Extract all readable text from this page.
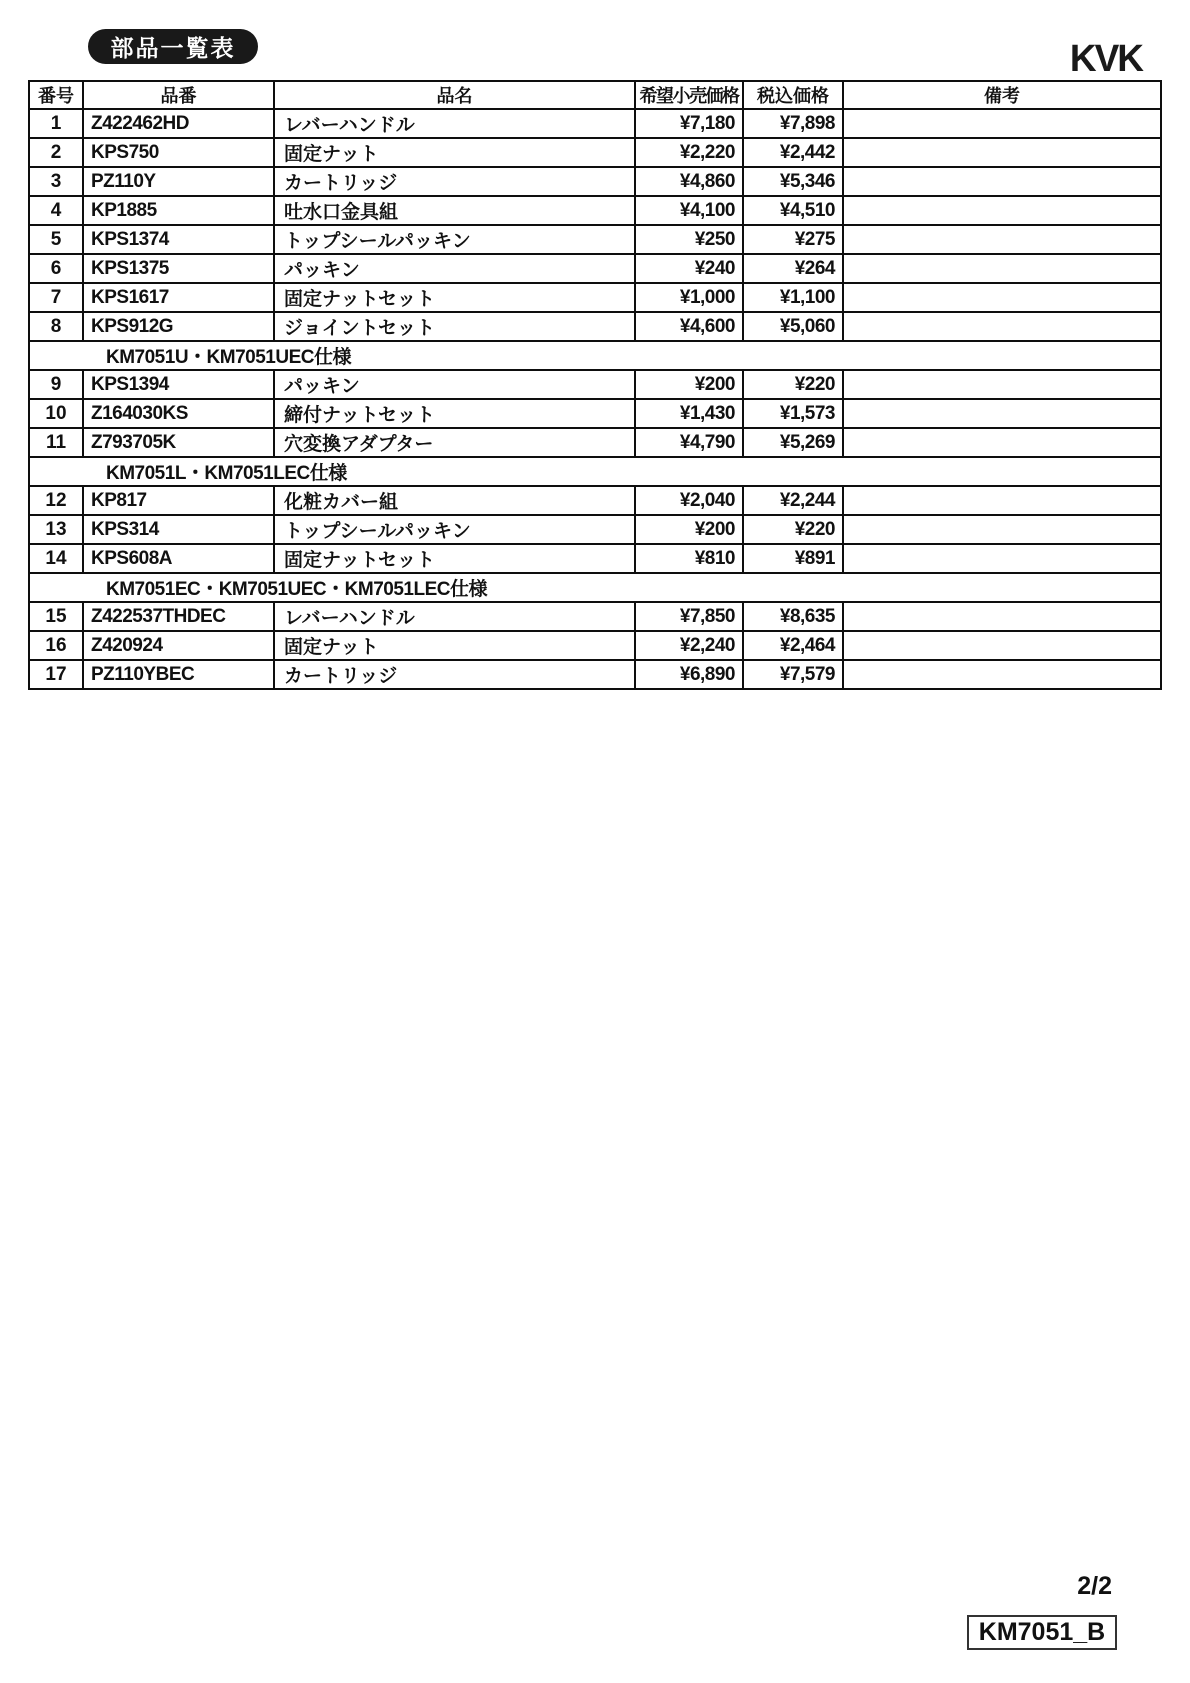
部品一覧表	KVK
番号	品番	品名	希望小売価格	税込価格	備考
1	Z422462HD	レバーハンドル	¥7,180	¥7,898	
2	KPS750	固定ナット	¥2,220	¥2,442	
3	PZ110Y	カートリッジ	¥4,860	¥5,346	
4	KP1885	吐水口金具組	¥4,100	¥4,510	
5	KPS1374	トップシールパッキン	¥250	¥275	
6	KPS1375	パッキン	¥240	¥264	
7	KPS1617	固定ナットセット	¥1,000	¥1,100	
8	KPS912G	ジョイントセット	¥4,600	¥5,060	
KM7051U・KM7051UEC仕様					
9	KPS1394	パッキン	¥200	¥220	
10	Z164030KS	締付ナットセット	¥1,430	¥1,573	
11	Z793705K	穴変換アダプター	¥4,790	¥5,269	
KM7051L・KM7051LEC仕様					
12	KP817	化粧カバー組	¥2,040	¥2,244	
13	KPS314	トップシールパッキン	¥200	¥220	
14	KPS608A	固定ナットセット	¥810	¥891	
KM7051EC・KM7051UEC・KM7051LEC仕様					
15	Z422537THDEC	レバーハンドル	¥7,850	¥8,635	
16	Z420924	固定ナット	¥2,240	¥2,464	
17	PZ110YBEC	カートリッジ	¥6,890	¥7,579	
2/2
KM7051_B
